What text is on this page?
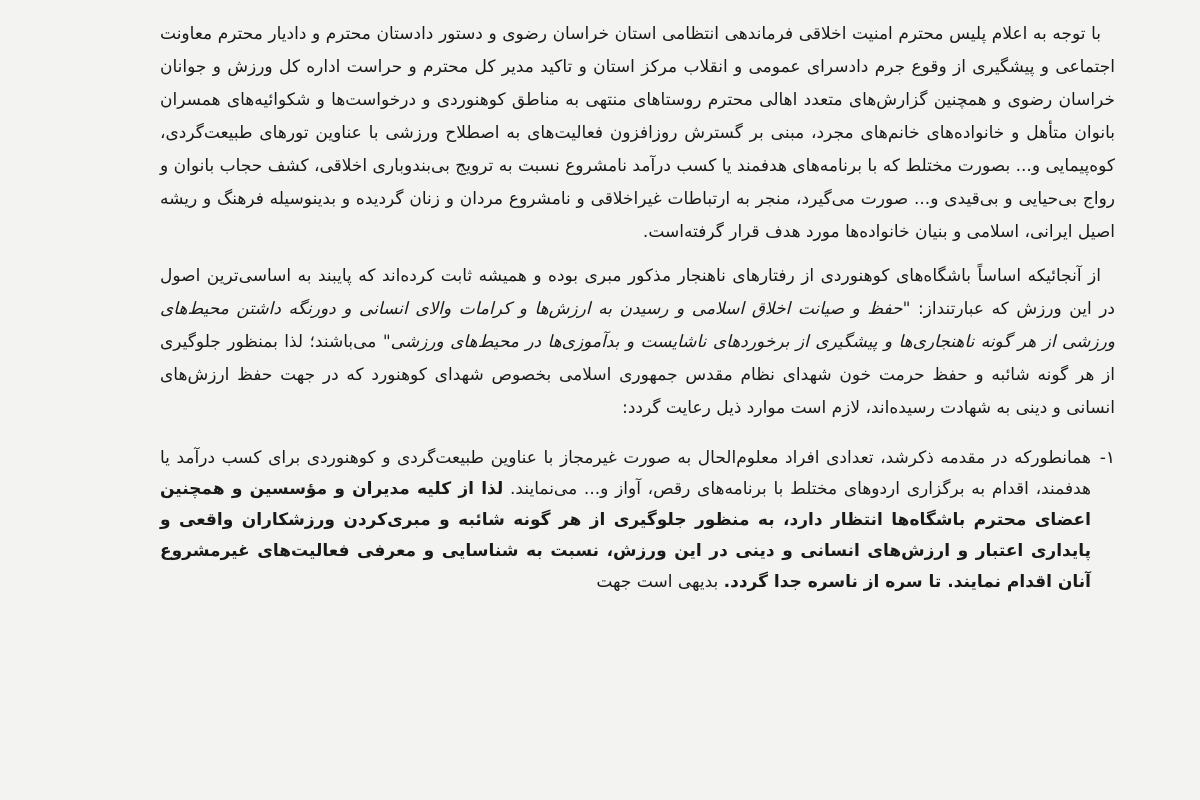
با توجه به اعلام پلیس محترم امنیت اخلاقی فرماندهی انتظامی استان خراسان رضوی و دستور دادستان محترم و دادیار محترم معاونت اجتماعی و پیشگیری از وقوع جرم دادسرای عمومی و انقلاب مرکز استان و تاکید مدیر کل محترم و حراست اداره کل ورزش و جوانان خراسان رضوی و همچنین گزارش‌های متعدد اهالی محترم روستاهای منتهی به مناطق کوهنوردی و درخواست‌ها و شکوائیه‌های همسران بانوان متأهل و خانواده‌های خانم‌های مجرد، مبنی بر گسترش روزافزون فعالیت‌های به اصطلاح ورزشی با عناوین تورهای طبیعت‌گردی، کوه‌پیمایی و... بصورت مختلط که با برنامه‌های هدفمند یا کسب درآمد نامشروع نسبت به ترویج بی‌بندوباری اخلاقی، کشف حجاب بانوان و رواج بی‌حیایی و بی‌قیدی و... صورت می‌گیرد، منجر به ارتباطات غیراخلاقی و نامشروع مردان و زنان گردیده و بدینوسیله فرهنگ و ریشه اصیل ایرانی، اسلامی و بنیان خانواده‌ها مورد هدف قرار گرفته‌است.

از آنجائیکه اساساً باشگاه‌های کوهنوردی از رفتارهای ناهنجار مذکور مبری بوده و همیشه ثابت کرده‌اند که پایبند به اساسی‌ترین اصول در این ورزش که عبارتند‌از: "حفظ و صیانت اخلاق اسلامی و رسیدن به ارزش‌ها و کرامات والای انسانی و دورنگه داشتن محیط‌های ورزشی از هر گونه ناهنجاری‌ها و پیشگیری از برخوردهای ناشایست و بدآموزی‌ها در محیط‌های ورزشی" می‌باشند؛ لذا بمنظور جلوگیری از هر گونه شائبه و حفظ حرمت خون شهدای نظام مقدس جمهوری اسلامی بخصوص شهدای کوهنورد که در جهت حفظ ارزش‌های انسانی و دینی به شهادت رسیده‌اند، لازم است موارد ذیل رعایت گردد:

۱-
همانطورکه در مقدمه ذکرشد، تعدادی افراد معلوم‌الحال به صورت غیرمجاز با عناوین طبیعت‌گردی و کوهنوردی برای کسب درآمد یا هدفمند، اقدام به برگزاری اردوهای مختلط با برنامه‌های رقص، آواز و... می‌نمایند. لذا از کلیه مدیران و مؤسسین و همچنین اعضای محترم باشگاه‌ها انتظار دارد، به منظور جلوگیری از هر گونه شائبه و مبری‌کردن ورزشکاران واقعی و پایداری اعتبار و ارزش‌های انسانی و دینی در این ورزش، نسبت به شناسایی و معرفی فعالیت‌های غیرمشروع آنان اقدام نمایند. تا سره از ناسره جدا گردد. بدیهی است جهت
